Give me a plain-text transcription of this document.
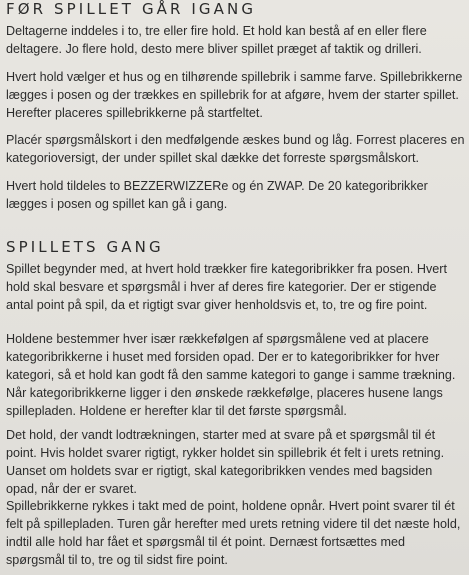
FØR SPILLET GÅR IGANG

Deltagerne inddeles i to, tre eller fire hold. Et hold kan bestå af en eller flere deltagere. Jo flere hold, desto mere bliver spillet præget af taktik og drilleri.

Hvert hold vælger et hus og en tilhørende spillebrik i samme farve. Spillebrikkerne lægges i posen og der trækkes en spillebrik for at afgøre, hvem der starter spillet. Herefter placeres spillebrikkerne på startfeltet.

Placér spørgsmålskort i den medfølgende æskes bund og låg. Forrest placeres en kategorioversigt, der under spillet skal dække det forreste spørgsmålskort.

Hvert hold tildeles to BEZZERWIZZERe og én ZWAP. De 20 kategoribrikker lægges i posen og spillet kan gå i gang.

SPILLETS GANG

Spillet begynder med, at hvert hold trækker fire kategoribrikker fra posen. Hvert hold skal besvare et spørgsmål i hver af deres fire kategorier. Der er stigende antal point på spil, da et rigtigt svar giver henholdsvis et, to, tre og fire point.

Holdene bestemmer hver især rækkefølgen af spørgsmålene ved at placere kategoribrikkerne i huset med forsiden opad. Der er to kategoribrikker for hver kategori, så et hold kan godt få den samme kategori to gange i samme trækning. Når kategoribrikkerne ligger i den ønskede rækkefølge, placeres husene langs spillepladen. Holdene er herefter klar til det første spørgsmål.

Det hold, der vandt lodtrækningen, starter med at svare på et spørgsmål til ét point. Hvis holdet svarer rigtigt, rykker holdet sin spillebrik ét felt i urets retning. Uanset om holdets svar er rigtigt, skal kategoribrikken vendes med bagsiden opad, når der er svaret.

Spillebrikkerne rykkes i takt med de point, holdene opnår. Hvert point svarer til ét felt på spillepladen. Turen går herefter med urets retning videre til det næste hold, indtil alle hold har fået et spørgsmål til ét point. Dernæst fortsættes med spørgsmål til to, tre og til sidst fire point.
